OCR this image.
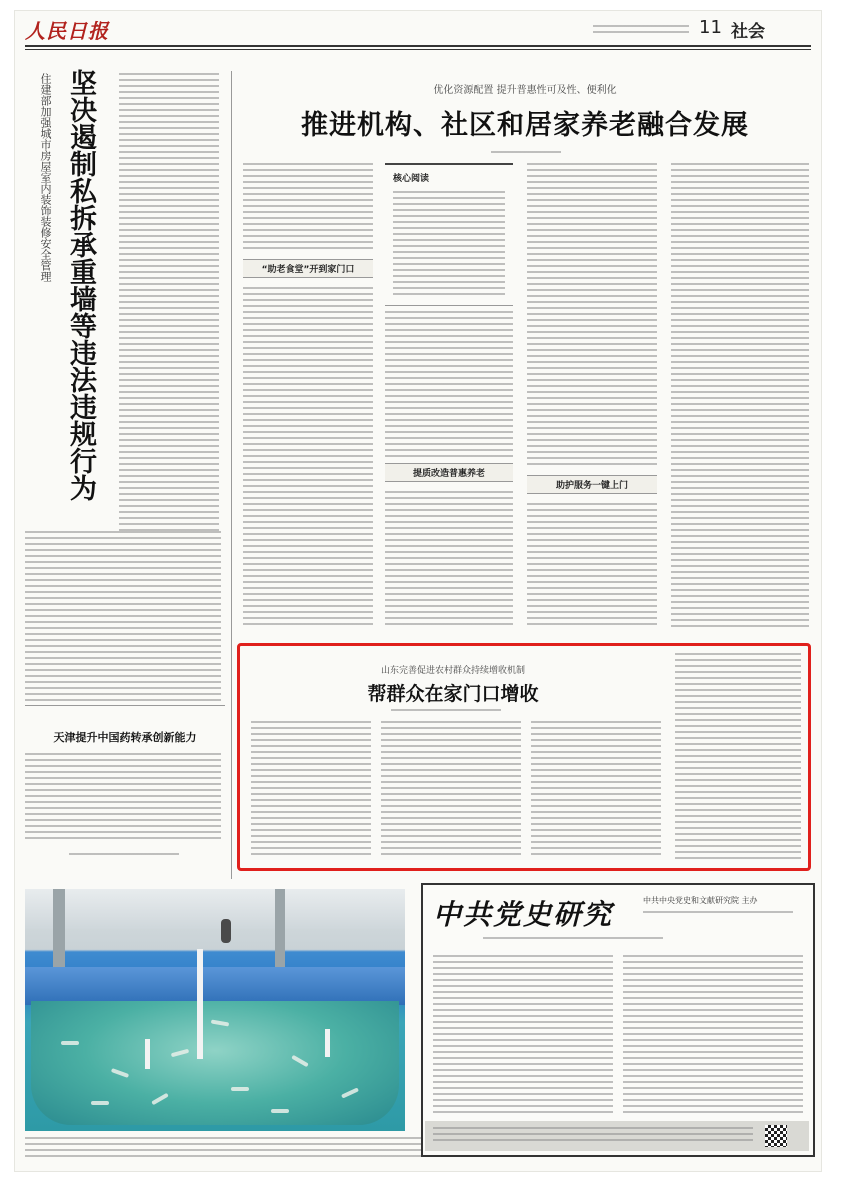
人民日报	11 社会
坚决遏制私拆承重墙等违法违规行为
住建部加强城市房屋室内装饰装修安全管理
天津提升中国药转承创新能力
优化资源配置 提升普惠性可及性、便利化
推进机构、社区和居家养老融合发展
“助老食堂”开到家门口
核心阅读
提质改造普惠养老
助护服务一键上门
山东完善促进农村群众持续增收机制
帮群众在家门口增收
中共党史研究	中共中央党史和文献研究院 主办
